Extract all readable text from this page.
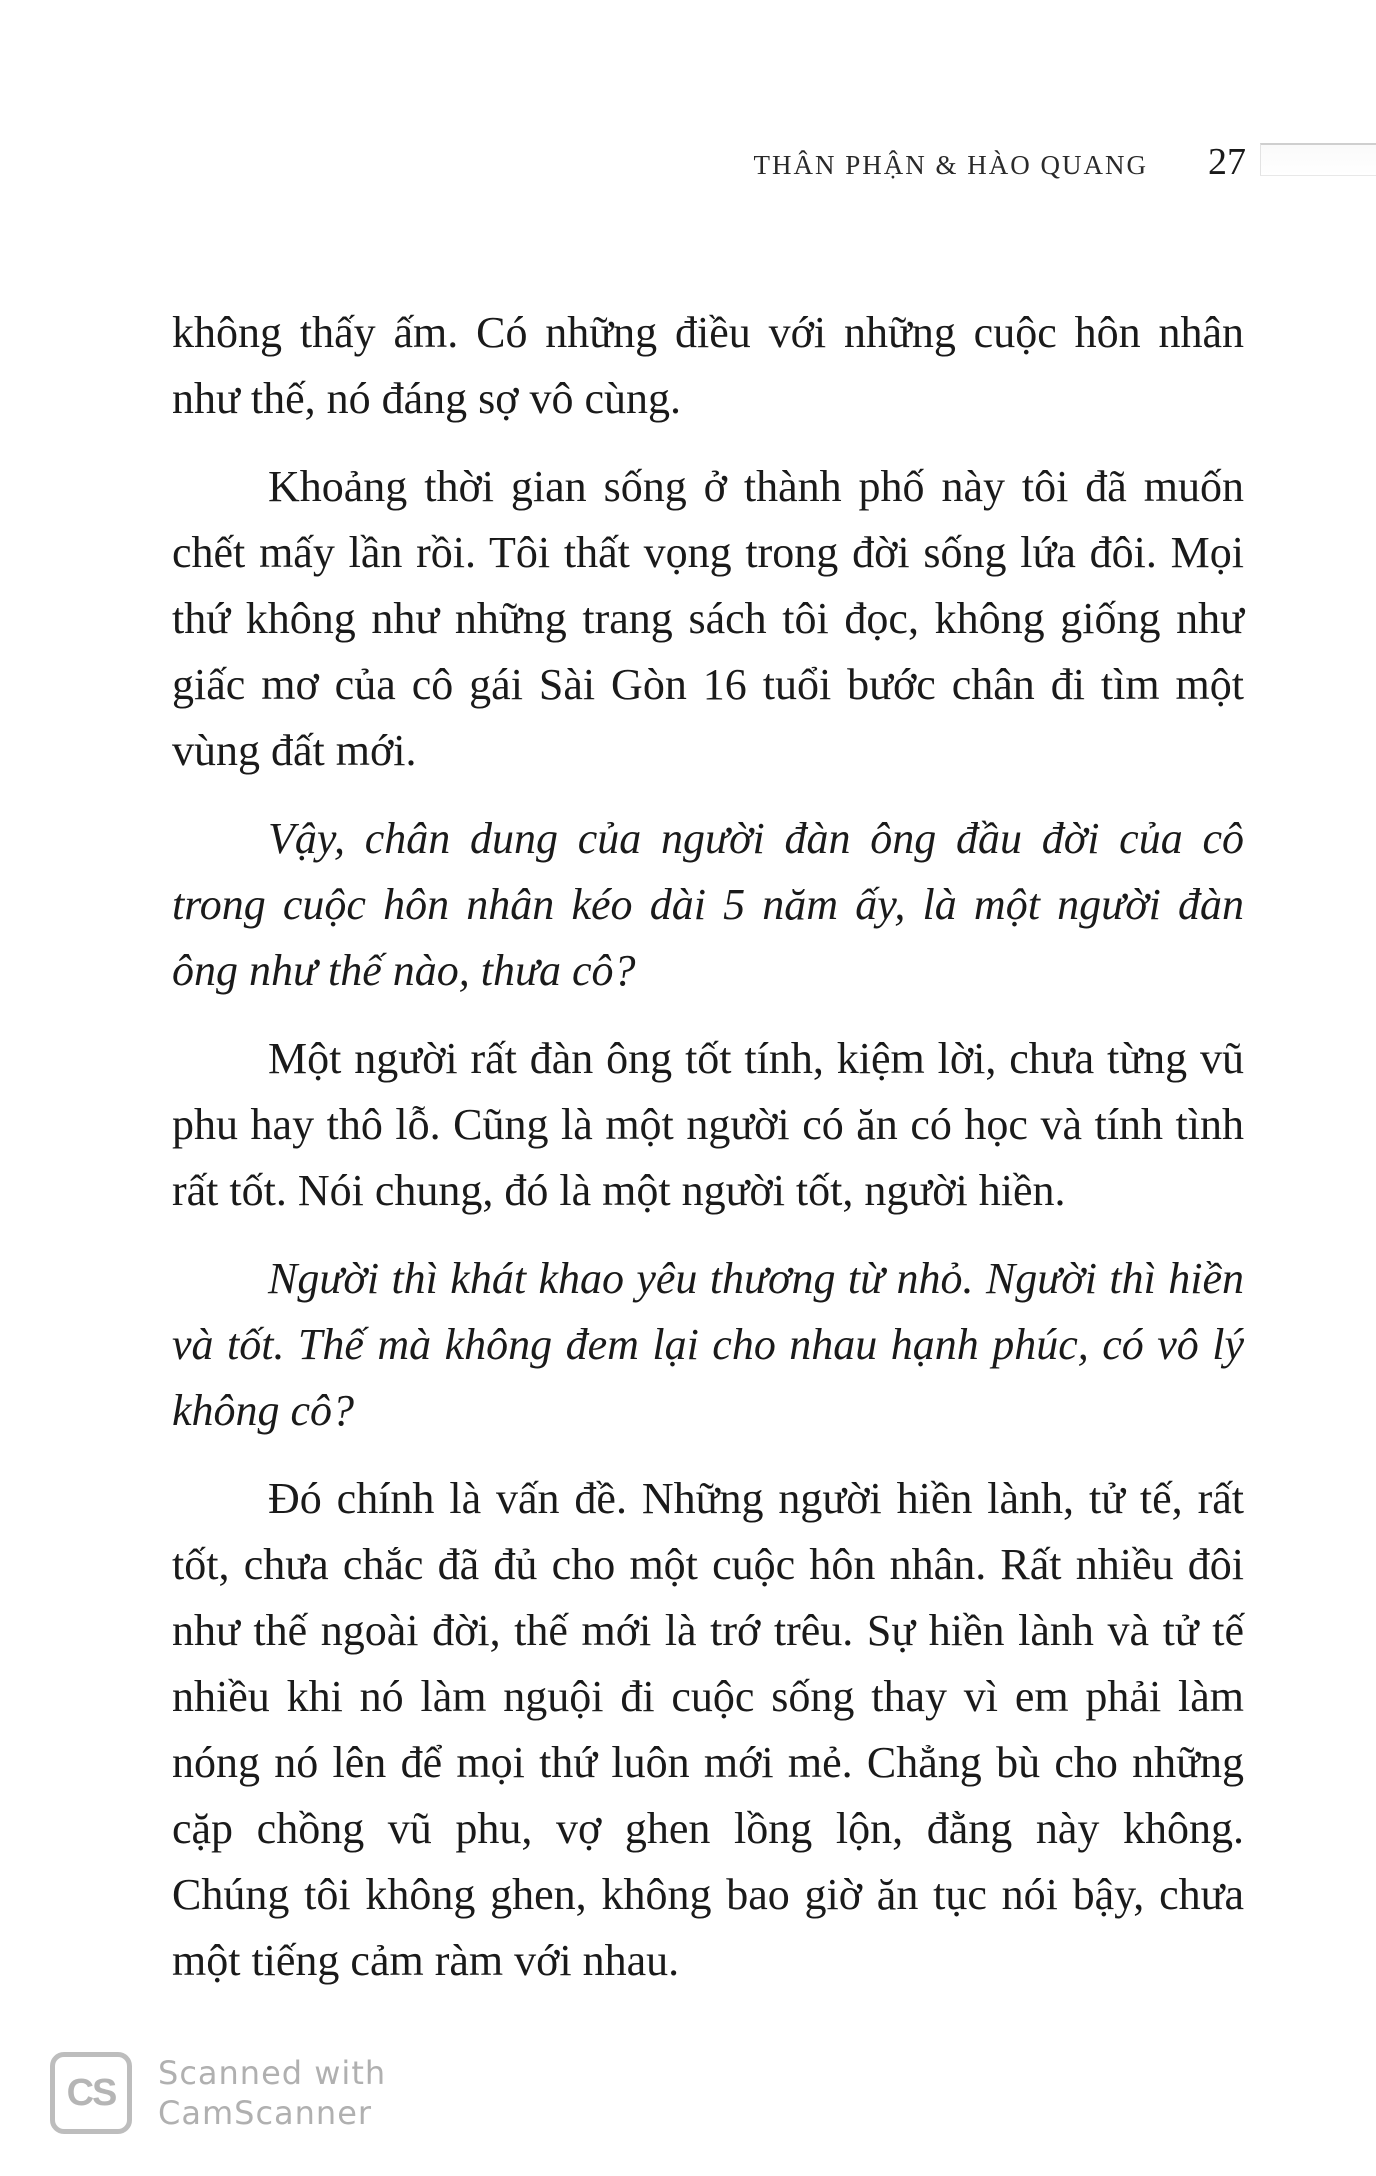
THÂN PHẬN & HÀO QUANG 27

không thấy ấm. Có những điều với những cuộc hôn nhân như thế, nó đáng sợ vô cùng.

Khoảng thời gian sống ở thành phố này tôi đã muốn chết mấy lần rồi. Tôi thất vọng trong đời sống lứa đôi. Mọi thứ không như những trang sách tôi đọc, không giống như giấc mơ của cô gái Sài Gòn 16 tuổi bước chân đi tìm một vùng đất mới.

Vậy, chân dung của người đàn ông đầu đời của cô trong cuộc hôn nhân kéo dài 5 năm ấy, là một người đàn ông như thế nào, thưa cô?

Một người rất đàn ông tốt tính, kiệm lời, chưa từng vũ phu hay thô lỗ. Cũng là một người có ăn có học và tính tình rất tốt. Nói chung, đó là một người tốt, người hiền.

Người thì khát khao yêu thương từ nhỏ. Người thì hiền và tốt. Thế mà không đem lại cho nhau hạnh phúc, có vô lý không cô?

Đó chính là vấn đề. Những người hiền lành, tử tế, rất tốt, chưa chắc đã đủ cho một cuộc hôn nhân. Rất nhiều đôi như thế ngoài đời, thế mới là trớ trêu. Sự hiền lành và tử tế nhiều khi nó làm nguội đi cuộc sống thay vì em phải làm nóng nó lên để mọi thứ luôn mới mẻ. Chẳng bù cho những cặp chồng vũ phu, vợ ghen lồng lộn, đằng này không. Chúng tôi không ghen, không bao giờ ăn tục nói bậy, chưa một tiếng cảm ràm với nhau.

CS	Scanned with
CamScanner
